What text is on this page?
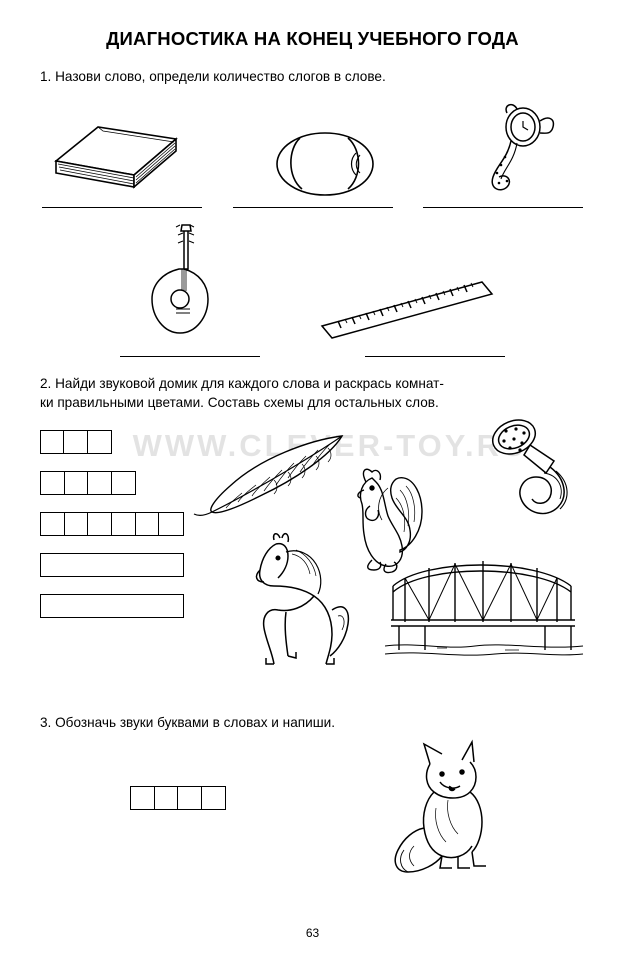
ДИАГНОСТИКА НА КОНЕЦ УЧЕБНОГО ГОДА
1. Назови слово, определи количество слогов в слове.
2. Найди звуковой домик для каждого слова и раскрась комнат-
ки правильными цветами. Составь схемы для остальных слов.
3. Обозначь звуки буквами в словах и напиши.
63
